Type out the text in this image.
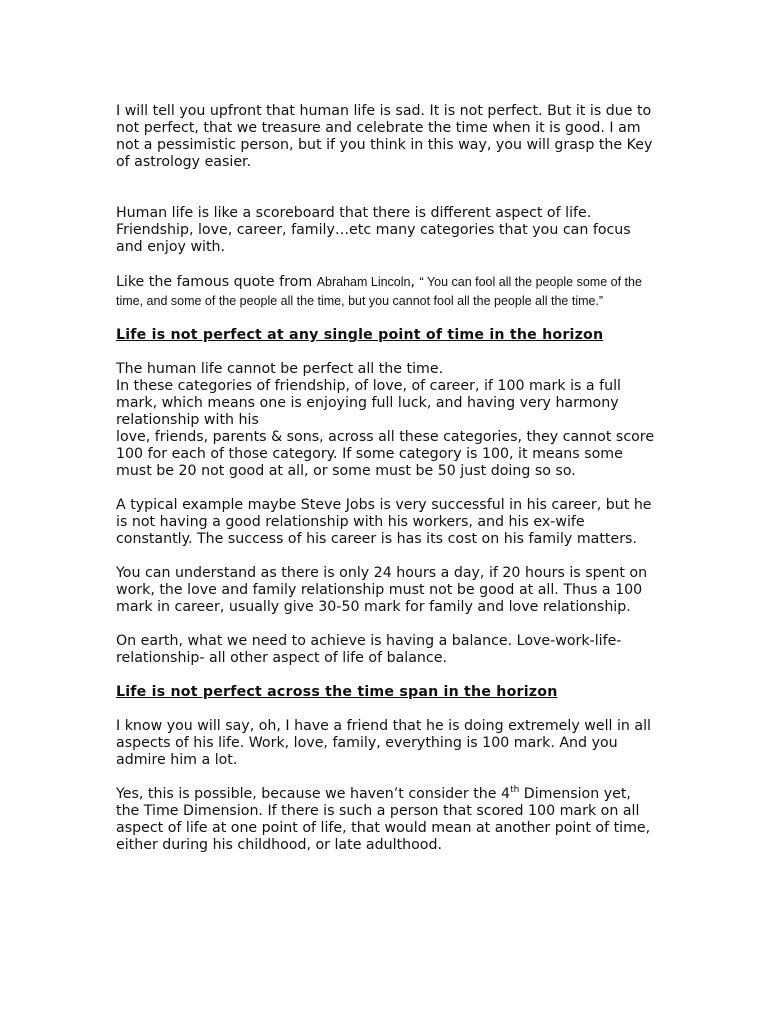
I will tell you upfront that human life is sad. It is not perfect. But it is due to not perfect, that we treasure and celebrate the time when it is good. I am not a pessimistic person, but if you think in this way, you will grasp the Key of astrology easier.

Human life is like a scoreboard that there is different aspect of life. Friendship, love, career, family…etc many categories that you can focus and enjoy with.

Like the famous quote from Abraham Lincoln, “ You can fool all the people some of the time, and some of the people all the time, but you cannot fool all the people all the time.”

Life is not perfect at any single point of time in the horizon

The human life cannot be perfect all the time.
In these categories of friendship, of love, of career, if 100 mark is a full mark, which means one is enjoying full luck, and having very harmony relationship with his
love, friends, parents & sons, across all these categories, they cannot score 100 for each of those category. If some category is 100, it means some must be 20 not good at all, or some must be 50 just doing so so.

A typical example maybe Steve Jobs is very successful in his career, but he is not having a good relationship with his workers, and his ex-wife constantly. The success of his career is has its cost on his family matters.

You can understand as there is only 24 hours a day, if 20 hours is spent on work, the love and family relationship must not be good at all. Thus a 100 mark in career, usually give 30-50 mark for family and love relationship.

On earth, what we need to achieve is having a balance. Love-work-life-relationship- all other aspect of life of balance.

Life is not perfect across the time span in the horizon

I know you will say, oh, I have a friend that he is doing extremely well in all aspects of his life. Work, love, family, everything is 100 mark. And you admire him a lot.

Yes, this is possible, because we haven’t consider the 4th Dimension yet, the Time Dimension. If there is such a person that scored 100 mark on all aspect of life at one point of life, that would mean at another point of time, either during his childhood, or late adulthood.
